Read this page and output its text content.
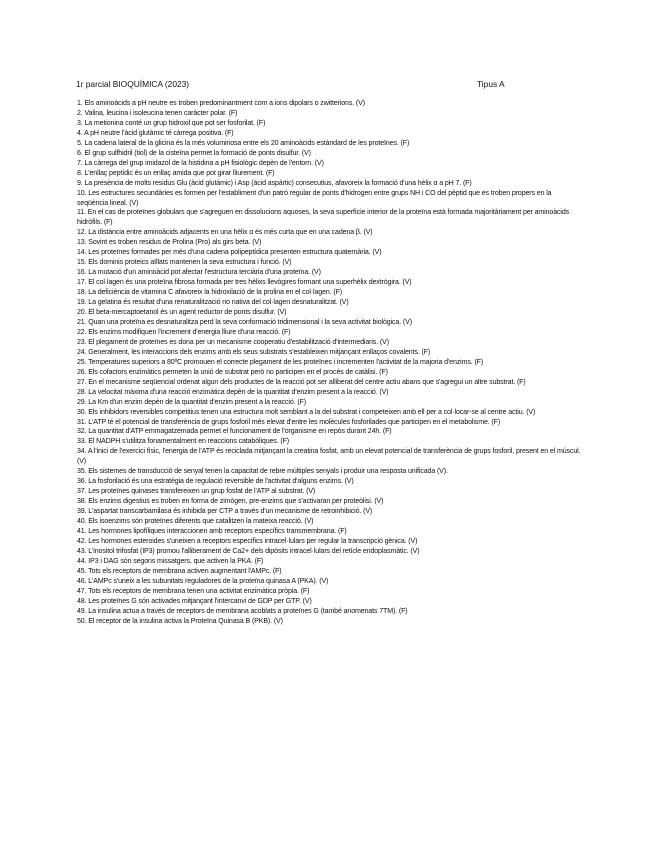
1r parcial BIOQUÍMICA (2023)	Tipus A
1. Els aminoàcids a pH neutre es troben predominantment com a ions dipolars o zwitterions. (V)
2. Valina, leucina i isoleucina tenen caràcter polar. (F)
3. La metionina conté un grup hidroxil que pot ser fosforilat. (F)
4. A pH neutre l'àcid glutàmic té càrrega positiva. (F)
5. La cadena lateral de la glicina és la més voluminosa entre els 20 aminoàcids estàndard de les proteïnes. (F)
6. El grup sulfhidril (tiol) de la cisteïna permet la formació de ponts disulfur. (V)
7. La càrrega del grup imidazol de la histidina a pH fisiològic depèn de l'entorn. (V)
8. L'enllaç peptídic és un enllaç amida que pot girar lliurement. (F)
9. La presència de molts residus Glu (àcid glutàmic) i Asp (àcid aspàrtic) consecutius, afavoreix la formació d'una hèlix α a pH 7. (F)
10. Les estructures secundàries es formen per l'establiment d'un patró regular de ponts d'hidrogen entre grups NH i CO del pèptid que es troben propers en la seqüència lineal. (V)
11. En el cas de proteïnes globulars que s'agreguen en dissolucions aquoses, la seva superfície interior de la proteïna està formada majoritàriament per aminoàcids hidròfils. (F)
12. La distància entre aminoàcids adjacents en una hèlix α és més curta que en una cadena β. (V)
13. Sovint es troben residus de Prolina (Pro) als girs beta. (V)
14. Les proteïnes formades per més d'una cadena polipeptídica presenten estructura quaternària. (V)
15. Els dominis proteics aïllats mantenen la seva estructura i funció. (V)
16. La mutació d'un aminoàcid pot afectar l'estructura terciària d'una proteïna. (V)
17. El col·lagen és una proteïna fibrosa formada per tres hèlixs llevògires formant una superhèlix dextrògira. (V)
18. La deficiència de vitamina C afavoreix la hidroxilació de la prolina en el col·lagen. (F)
19. La gelatina és resultat d'una renaturalització no nativa del col·lagen desnaturalitzat. (V)
20. El beta-mercaptoetanol és un agent reductor de ponts disulfur. (V)
21. Quan una proteïna es desnaturalitza perd la seva conformació tridimensional i la seva activitat biològica. (V)
22. Els enzims modifiquen l'increment d'energia lliure d'una reacció. (F)
23. El plegament de proteïnes es dona per un mecanisme cooperatiu d'estabilització d'intermediaris. (V)
24. Generalment, les interaccions dels enzims amb els seus substrats s'estableixen mitjançant enllaços covalents. (F)
25. Temperatures superiors a 80ºC promouen el correcte plegament de les proteïnes i incrementen l'activitat de la majoria d'enzims. (F)
26. Els cofactors enzimàtics permeten la unió de substrat però no participen en el procés de catàlisi. (F)
27. En el mecanisme seqüencial ordenat algun dels productes de la reacció pot ser alliberat del centre actiu abans que s'agregui un altre substrat. (F)
28. La velocitat màxima d'una reacció enzimàtica depèn de la quantitat d'enzim present a la reacció. (V)
29. La Km d'un enzim depèn de la quantitat d'enzim present a la reacció. (F)
30. Els inhibidors reversibles competitius tenen una estructura molt semblant a la del substrat i competeixen amb ell per a col·locar-se al centre actiu. (V)
31. L'ATP té el potencial de transferència de grups fosforil més elevat d'entre les molècules fosforilades que participen en el metabolisme. (F)
32. La quantitat d'ATP emmagatzemada permet el funcionament de l'organisme en repòs durant 24h. (F)
33. El NADPH s'utilitza fonamentalment en reaccions catabòliques. (F)
34. A l'inici de l'exercici físic, l'energia de l'ATP és reciclada mitjançant la creatina fosfat, amb un elevat potencial de transferència de grups fosforil, present en el múscul. (V)
35. Els sistemes de transducció de senyal tenen la capacitat de rebre múltiples senyals i produir una resposta unificada (V).
36. La fosforilació és una estratègia de regulació reversible de l'activitat d'alguns enzims. (V)
37. Les proteïnes quinases transfereixen un grup fosfat de l'ATP al substrat. (V)
38. Els enzims digestius es troben en forma de zimògen, pre-enzims que s'activaran per proteòlisi. (V)
39. L'aspartat transcarbamilasa és inhibida per CTP a través d'un mecanisme de retroinhibició. (V)
40. Els isoenzims són proteïnes diferents que catalitzen la mateixa reacció. (V)
41. Les hormones lipofíliques interaccionen amb receptors específics transmembrana. (F)
42. Les hormones esteroides s'uneixen a receptors específics intracel·lulars per regular la transcripció gènica. (V)
43. L'inositol trifosfat (IP3) promou l'alliberament de Ca2+ dels dipòsits intracel·lulars del retícle endoplasmàtic. (V)
44. IP3 i DAG són segons missatgers, que activen la PKA. (F)
45. Tots els receptors de membrana activen augmentant l'AMPc. (F)
46. L'AMPc s'uneix a les subunitats reguladores de la proteïna quinasa A (PKA). (V)
47. Tots els receptors de membrana tenen una activitat enzimàtica pròpia. (F)
48. Les proteïnes G són activades mitjançant l'intercanvi de GDP per GTP. (V)
49. La insulina actua a través de receptors de membrana acoblats a proteïnes G (també anomenats 7TM). (F)
50. El receptor de la insulina activa la Proteïna Quinasa B (PKB). (V)
